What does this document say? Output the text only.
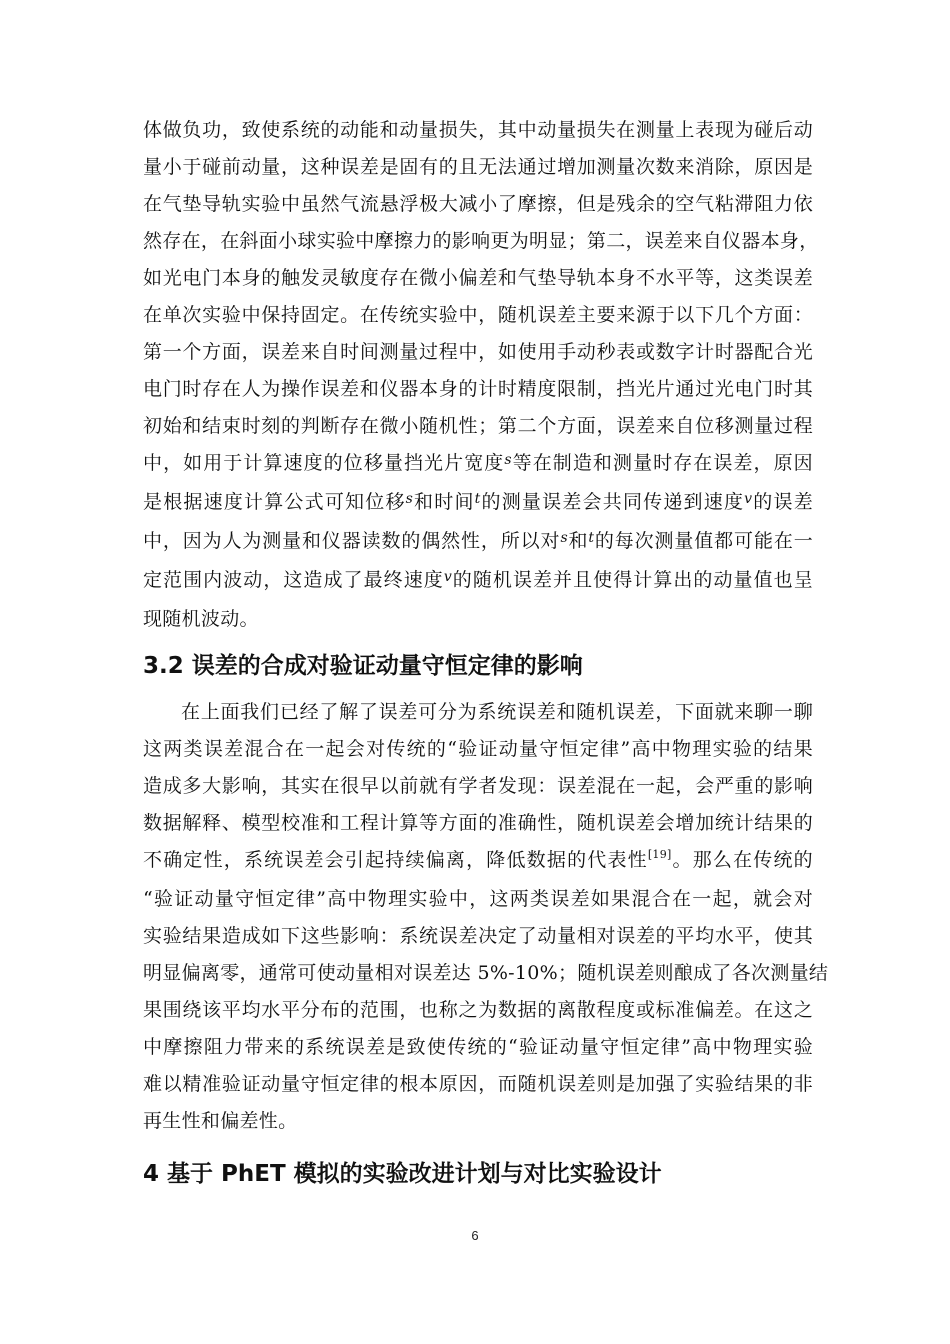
体做负功，致使系统的动能和动量损失，其中动量损失在测量上表现为碰后动
量小于碰前动量，这种误差是固有的且无法通过增加测量次数来消除，原因是
在气垫导轨实验中虽然气流悬浮极大减小了摩擦，但是残余的空气粘滞阻力依
然存在，在斜面小球实验中摩擦力的影响更为明显；第二，误差来自仪器本身，
如光电门本身的触发灵敏度存在微小偏差和气垫导轨本身不水平等，这类误差
在单次实验中保持固定。在传统实验中，随机误差主要来源于以下几个方面：
第一个方面，误差来自时间测量过程中，如使用手动秒表或数字计时器配合光
电门时存在人为操作误差和仪器本身的计时精度限制，挡光片通过光电门时其
初始和结束时刻的判断存在微小随机性；第二个方面，误差来自位移测量过程
中，如用于计算速度的位移量挡光片宽度$^s$等在制造和测量时存在误差，原因
是根据速度计算公式可知位移$^s$和时间$^t$的测量误差会共同传递到速度$^v$的误差
中，因为人为测量和仪器读数的偶然性，所以对$^s$和$^t$的每次测量值都可能在一
定范围内波动，这造成了最终速度$^v$的随机误差并且使得计算出的动量值也呈
现随机波动。

3.2 误差的合成对验证动量守恒定律的影响

在上面我们已经了解了误差可分为系统误差和随机误差，下面就来聊一聊
这两类误差混合在一起会对传统的“验证动量守恒定律”高中物理实验的结果
造成多大影响，其实在很早以前就有学者发现：误差混在一起，会严重的影响
数据解释、模型校准和工程计算等方面的准确性，随机误差会增加统计结果的
不确定性，系统误差会引起持续偏离，降低数据的代表性[19]。那么在传统的
“验证动量守恒定律”高中物理实验中，这两类误差如果混合在一起，就会对
实验结果造成如下这些影响：系统误差决定了动量相对误差的平均水平，使其
明显偏离零，通常可使动量相对误差达 5%-10%；随机误差则酿成了各次测量结
果围绕该平均水平分布的范围，也称之为数据的离散程度或标准偏差。在这之
中摩擦阻力带来的系统误差是致使传统的“验证动量守恒定律”高中物理实验
难以精准验证动量守恒定律的根本原因，而随机误差则是加强了实验结果的非
再生性和偏差性。

4 基于 PhET 模拟的实验改进计划与对比实验设计
6
